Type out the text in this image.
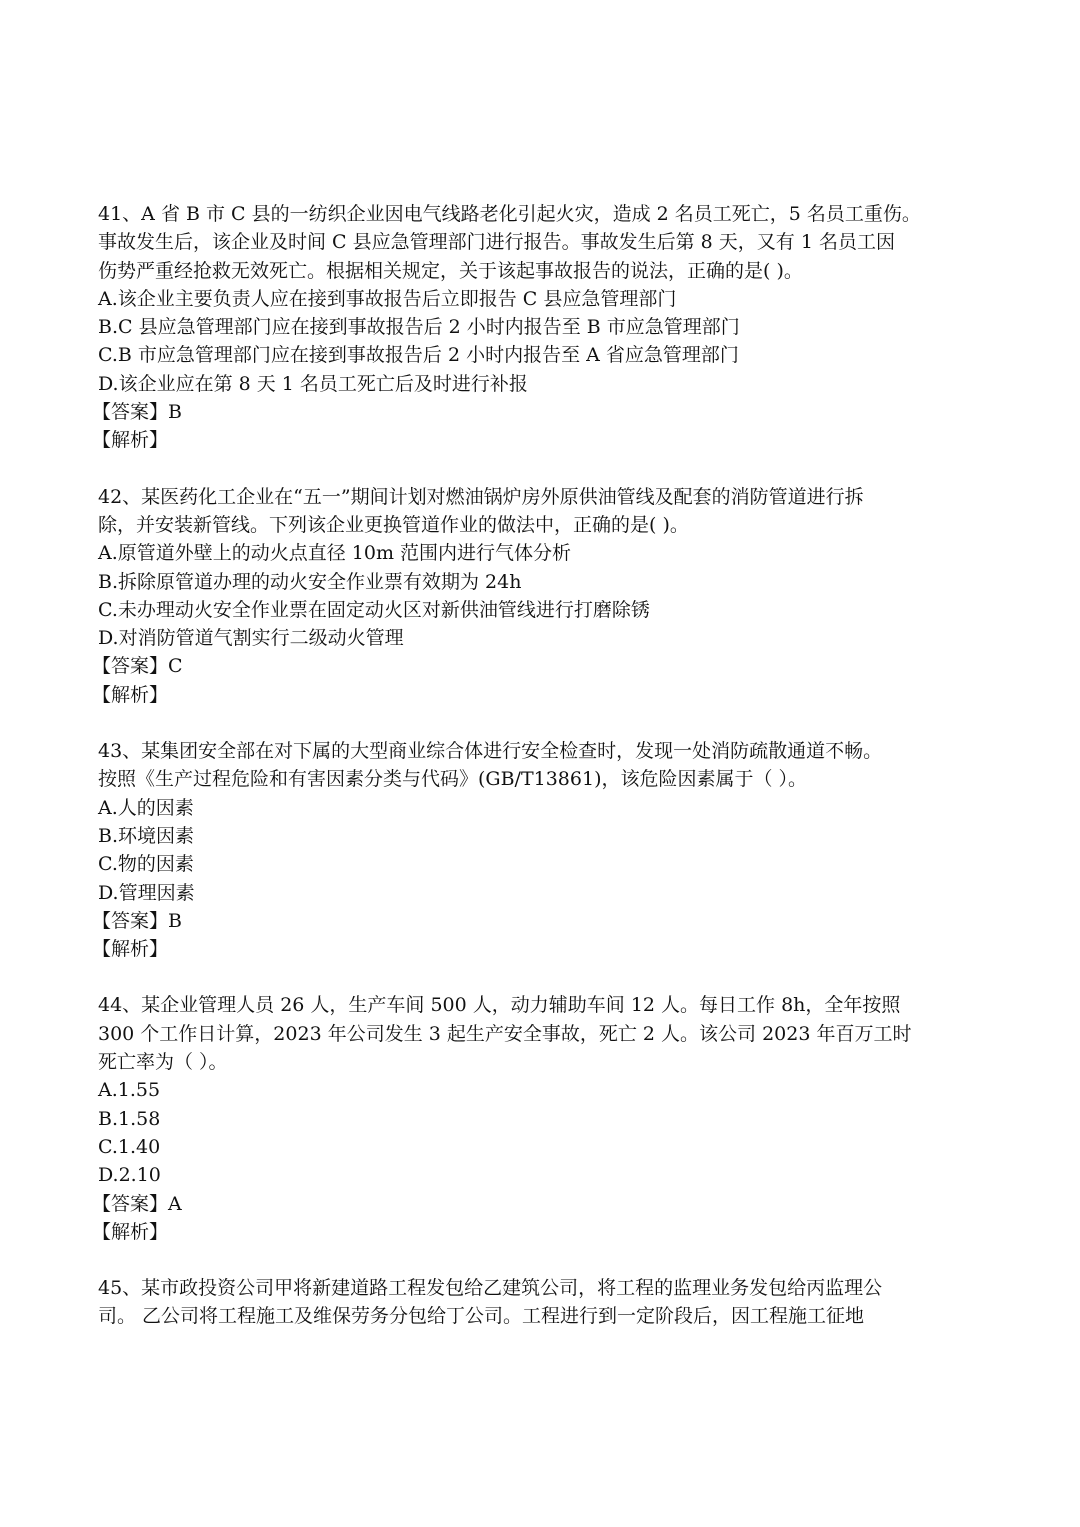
41、A 省 B 市 C 县的一纺织企业因电气线路老化引起火灾，造成 2 名员工死亡，5 名员工重伤。

事故发生后，该企业及时间 C 县应急管理部门进行报告。事故发生后第 8 天，又有 1 名员工因

伤势严重经抢救无效死亡。根据相关规定，关于该起事故报告的说法，正确的是( )。

A.该企业主要负责人应在接到事故报告后立即报告 C 县应急管理部门

B.C 县应急管理部门应在接到事故报告后 2 小时内报告至 B 市应急管理部门

C.B 市应急管理部门应在接到事故报告后 2 小时内报告至 A 省应急管理部门

D.该企业应在第 8 天 1 名员工死亡后及时进行补报

【答案】B

【解析】

42、某医药化工企业在“五一”期间计划对燃油锅炉房外原供油管线及配套的消防管道进行拆

除，并安装新管线。下列该企业更换管道作业的做法中，正确的是( )。

A.原管道外壁上的动火点直径 10m 范围内进行气体分析

B.拆除原管道办理的动火安全作业票有效期为 24h

C.未办理动火安全作业票在固定动火区对新供油管线进行打磨除锈

D.对消防管道气割实行二级动火管理

【答案】C

【解析】

43、某集团安全部在对下属的大型商业综合体进行安全检查时，发现一处消防疏散通道不畅。

按照《生产过程危险和有害因素分类与代码》(GB/T13861)，该危险因素属于（ ）。

A.人的因素

B.环境因素

C.物的因素

D.管理因素

【答案】B

【解析】

44、某企业管理人员 26 人，生产车间 500 人，动力辅助车间 12 人。每日工作 8h，全年按照

300 个工作日计算，2023 年公司发生 3 起生产安全事故，死亡 2 人。该公司 2023 年百万工时

死亡率为（ ）。

A.1.55

B.1.58

C.1.40

D.2.10

【答案】A

【解析】

45、某市政投资公司甲将新建道路工程发包给乙建筑公司，将工程的监理业务发包给丙监理公

司。 乙公司将工程施工及维保劳务分包给丁公司。工程进行到一定阶段后，因工程施工征地
